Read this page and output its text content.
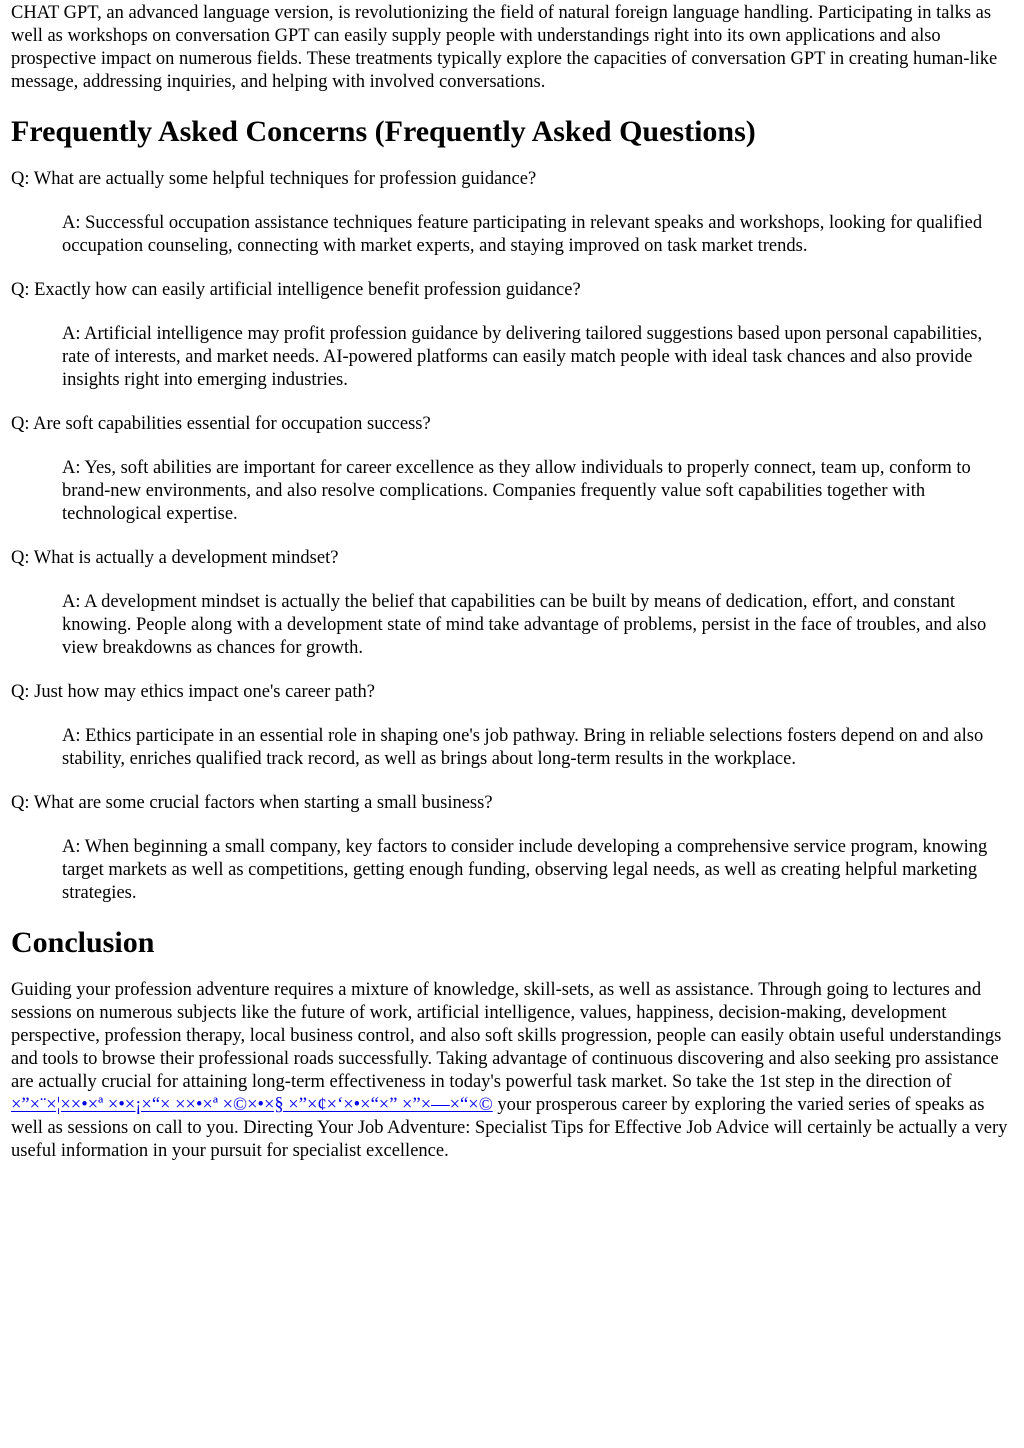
CHAT GPT, an advanced language version, is revolutionizing the field of natural foreign language handling. Participating in talks as well as workshops on conversation GPT can easily supply people with understandings right into its own applications and also prospective impact on numerous fields. These treatments typically explore the capacities of conversation GPT in creating human-like message, addressing inquiries, and helping with involved conversations.

Frequently Asked Concerns (Frequently Asked Questions)
Q: What are actually some helpful techniques for profession guidance?
A: Successful occupation assistance techniques feature participating in relevant speaks and workshops, looking for qualified occupation counseling, connecting with market experts, and staying improved on task market trends.
Q: Exactly how can easily artificial intelligence benefit profession guidance?
A: Artificial intelligence may profit profession guidance by delivering tailored suggestions based upon personal capabilities, rate of interests, and market needs. AI-powered platforms can easily match people with ideal task chances and also provide insights right into emerging industries.
Q: Are soft capabilities essential for occupation success?
A: Yes, soft abilities are important for career excellence as they allow individuals to properly connect, team up, conform to brand-new environments, and also resolve complications. Companies frequently value soft capabilities together with technological expertise.
Q: What is actually a development mindset?
A: A development mindset is actually the belief that capabilities can be built by means of dedication, effort, and constant knowing. People along with a development state of mind take advantage of problems, persist in the face of troubles, and also view breakdowns as chances for growth.
Q: Just how may ethics impact one's career path?
A: Ethics participate in an essential role in shaping one's job pathway. Bring in reliable selections fosters depend on and also stability, enriches qualified track record, as well as brings about long-term results in the workplace.
Q: What are some crucial factors when starting a small business?
A: When beginning a small company, key factors to consider include developing a comprehensive service program, knowing target markets as well as competitions, getting enough funding, observing legal needs, as well as creating helpful marketing strategies.
Conclusion

Guiding your profession adventure requires a mixture of knowledge, skill-sets, as well as assistance. Through going to lectures and sessions on numerous subjects like the future of work, artificial intelligence, values, happiness, decision-making, development perspective, profession therapy, local business control, and also soft skills progression, people can easily obtain useful understandings and tools to browse their professional roads successfully. Taking advantage of continuous discovering and also seeking pro assistance are actually crucial for attaining long-term effectiveness in today's powerful task market. So take the 1st step in the direction of ×”×¨×¦××•×ª ×•×¡×“× ××•×ª ×©×•×§ ×”×¢×‘×•×“×” ×”×—×“×© your prosperous career by exploring the varied series of speaks as well as sessions on call to you. Directing Your Job Adventure: Specialist Tips for Effective Job Advice will certainly be actually a very useful information in your pursuit for specialist excellence.
